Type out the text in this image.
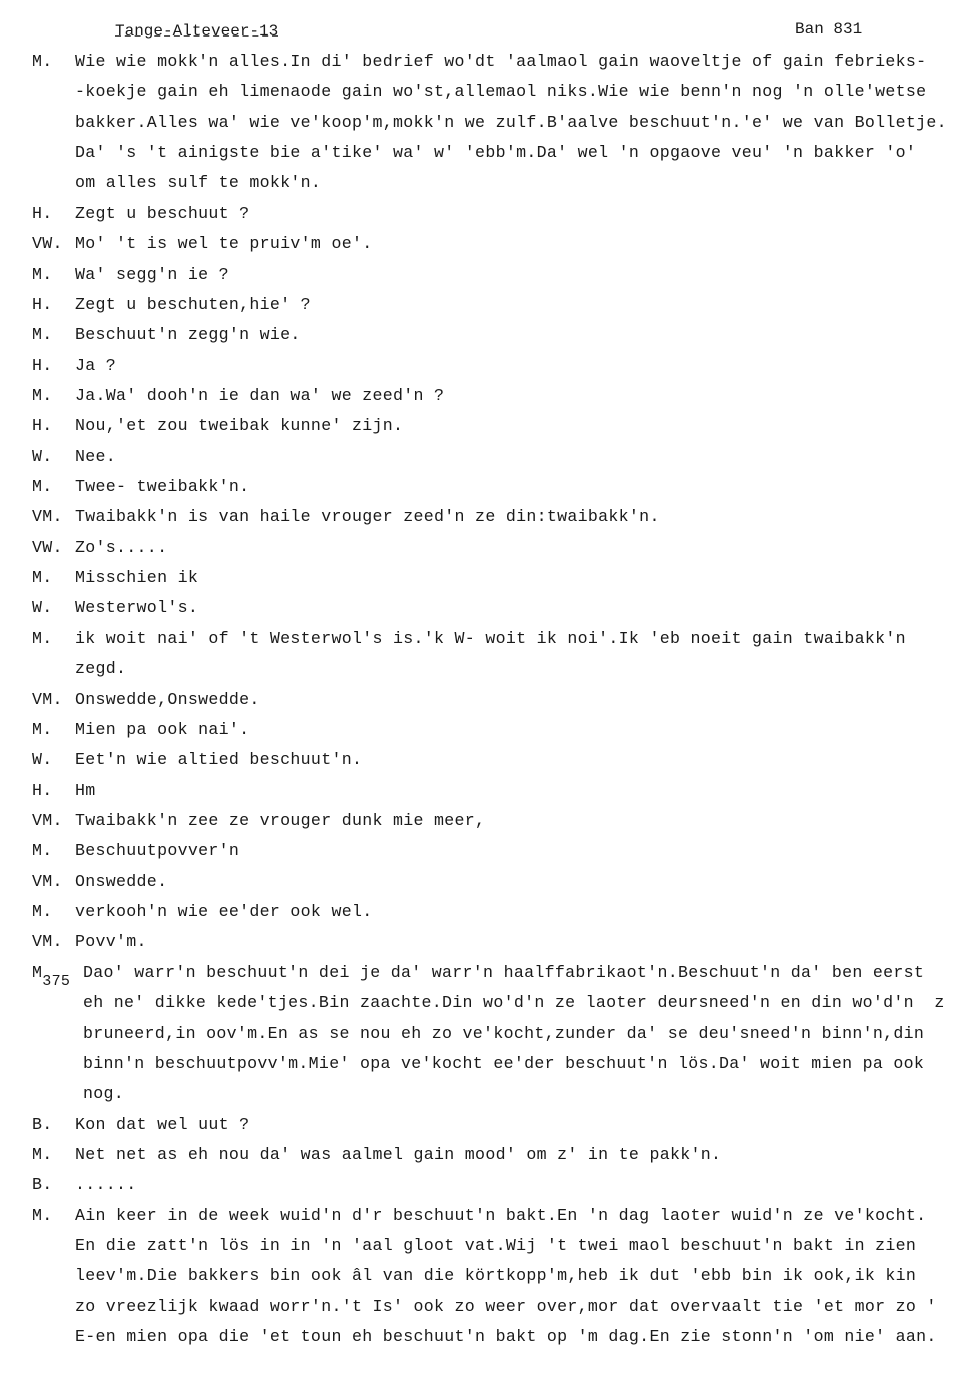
Tange-Alteveer-13	Ban 831
M. Wie wie mokk'n alles.In di' bedrief wo'dt 'aalmaol gain waoveltje of gain febrieks-
-koekje gain eh limenaode gain wo'st,allemaol niks.Wie wie benn'n nog 'n olle'wetse
bakker.Alles wa' wie ve'koop'm,mokk'n we zulf.B'aalve beschuut'n.'e' we van Bolletje.
Da' 's 't ainigste bie a'tike' wa' w' 'ebb'm.Da' wel 'n opgaove veu' 'n bakker 'o'
om alles sulf te mokk'n.
H. Zegt u beschuut ?
VW. Mo' 't is wel te pruiv'm oe'.
M. Wa' segg'n ie ?
H. Zegt u beschuten,hie' ?
M. Beschuut'n zegg'n wie.
H. Ja ?
M. Ja.Wa' dooh'n ie dan wa' we zeed'n ?
H. Nou,'et zou tweibak kunne' zijn.
W. Nee.
M. Twee- tweibakk'n.
VM. Twaibakk'n is van haile vrouger zeed'n ze din:twaibakk'n.
VW. Zo's.....
M. Misschien ik
W. Westerwol's.
M. ik woit nai' of 't Westerwol's is.'k W- woit ik noi'.Ik 'eb noeit gain twaibakk'n
zegd.
VM. Onswedde,Onswedde.
M. Mien pa ook nai'.
W. Eet'n wie altied beschuut'n.
H. Hm
VM. Twaibakk'n zee ze vrouger dunk mie meer,
M. Beschuutpovver'n
VM. Onswedde.
M. verkooh'n wie ee'der ook wel.
VM. Povv'm.
M375 Dao' warr'n beschuut'n dei je da' warr'n haalffabrikaot'n.Beschuut'n da' ben eerst
eh ne' dikke kede'tjes.Bin zaachte.Din wo'd'n ze laoter deursneed'n en din wo'd'n  z
bruneerd,in oov'm.En as se nou eh zo ve'kocht,zunder da' se deu'sneed'n binn'n,din
binn'n beschuutpovv'm.Mie' opa ve'kocht ee'der beschuut'n lös.Da' woit mien pa ook
nog.
B. Kon dat wel uut ?
M. Net net as eh nou da' was aalmel gain mood' om z' in te pakk'n.
B. ......
M. Ain keer in de week wuid'n d'r beschuut'n bakt.En 'n dag laoter wuid'n ze ve'kocht.
En die zatt'n lös in in 'n 'aal gloot vat.Wij 't twei maol beschuut'n bakt in zien
leev'm.Die bakkers bin ook âl van die körtkopp'm,heb ik dut 'ebb bin ik ook,ik kin
zo vreezlijk kwaad worr'n.'t Is' ook zo weer over,mor dat overvaalt tie 'et mor zo '
E-en mien opa die 'et toun eh beschuut'n bakt op 'm dag.En zie stonn'n 'om nie' aan.
